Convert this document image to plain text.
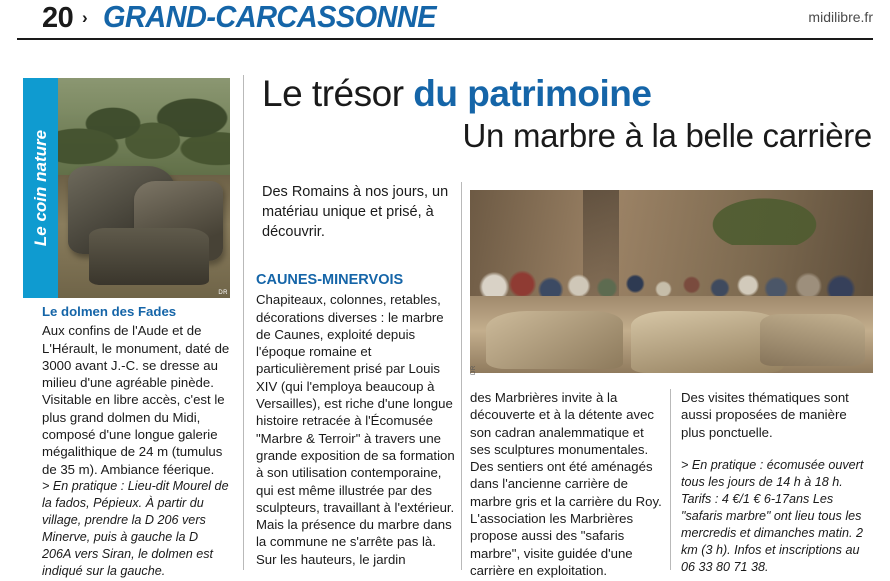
20 › GRAND-CARCASSONNE	midilibre.fr
Le coin nature
DR
Le trésor du patrimoine
Un marbre à la belle carrière
Des Romains à nos jours, un matériau unique et prisé, à découvrir.
DR

Le dolmen des Fades

Aux confins de l'Aude et de L'Hérault, le monument, daté de 3000 avant J.-C. se dresse au milieu d'une agréable pinède. Visitable en libre accès, c'est le plus grand dolmen du Midi, composé d'une longue galerie mégalithique de 24 m (tumulus de 35 m). Ambiance féerique.

> En pratique : Lieu-dit Mourel de la fados, Pépieux. À partir du village, prendre la D 206 vers Minerve, puis à gauche la D 206A vers Siran, le dolmen est indiqué sur la gauche.

CAUNES-MINERVOIS

Chapiteaux, colonnes, retables, décorations diverses : le marbre de Caunes, exploité depuis l'époque romaine et particulièrement prisé par Louis XIV (qui l'employa beaucoup à Versailles), est riche d'une longue histoire retracée à l'Écomusée "Marbre & Terroir" à travers une grande exposition de sa formation à son utilisation contemporaine, qui est même illustrée par des sculpteurs, travaillant à l'extérieur. Mais la présence du marbre dans la commune ne s'arrête pas là. Sur les hauteurs, le jardin

des Marbrières invite à la découverte et à la détente avec son cadran analemmatique et ses sculptures monumentales. Des sentiers ont été aménagés dans l'ancienne carrière de marbre gris et la carrière du Roy. L'association les Marbrières propose aussi des "safaris marbre", visite guidée d'une carrière en exploitation.

Des visites thématiques sont aussi proposées de manière plus ponctuelle.

> En pratique : écomusée ouvert tous les jours de 14 h à 18 h. Tarifs : 4 €/1 € 6-17ans Les "safaris marbre" ont lieu tous les mercredis et dimanches matin. 2 km (3 h). Infos et inscriptions au 06 33 80 71 38.
